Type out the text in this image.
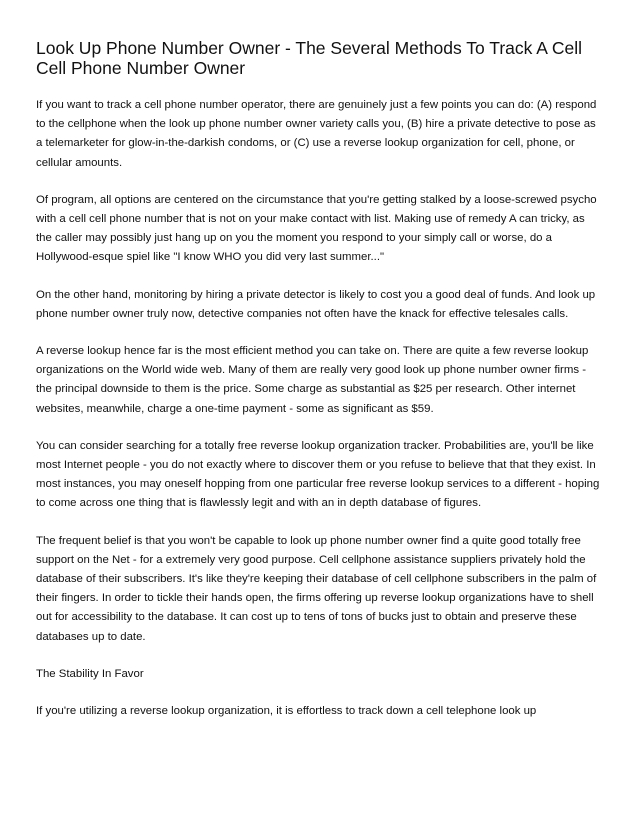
Look Up Phone Number Owner - The Several Methods To Track A Cell Cell Phone Number Owner

If you want to track a cell phone number operator, there are genuinely just a few points you can do: (A) respond to the cellphone when the look up phone number owner variety calls you, (B) hire a private detective to pose as a telemarketer for glow-in-the-darkish condoms, or (C) use a reverse lookup organization for cell, phone, or cellular amounts.

Of program, all options are centered on the circumstance that you're getting stalked by a loose-screwed psycho with a cell cell phone number that is not on your make contact with list. Making use of remedy A can tricky, as the caller may possibly just hang up on you the moment you respond to your simply call or worse, do a Hollywood-esque spiel like "I know WHO you did very last summer..."

On the other hand, monitoring by hiring a private detector is likely to cost you a good deal of funds. And look up phone number owner truly now, detective companies not often have the knack for effective telesales calls.

A reverse lookup hence far is the most efficient method you can take on. There are quite a few reverse lookup organizations on the World wide web. Many of them are really very good look up phone number owner firms - the principal downside to them is the price. Some charge as substantial as $25 per research. Other internet websites, meanwhile, charge a one-time payment - some as significant as $59.

You can consider searching for a totally free reverse lookup organization tracker. Probabilities are, you'll be like most Internet people - you do not exactly where to discover them or you refuse to believe that that they exist. In most instances, you may oneself hopping from one particular free reverse lookup services to a different - hoping to come across one thing that is flawlessly legit and with an in depth database of figures.

The frequent belief is that you won't be capable to look up phone number owner find a quite good totally free support on the Net - for a extremely very good purpose. Cell cellphone assistance suppliers privately hold the database of their subscribers. It's like they're keeping their database of cell cellphone subscribers in the palm of their fingers. In order to tickle their hands open, the firms offering up reverse lookup organizations have to shell out for accessibility to the database. It can cost up to tens of tons of bucks just to obtain and preserve these databases up to date.

The Stability In Favor

If you're utilizing a reverse lookup organization, it is effortless to track down a cell telephone look up
